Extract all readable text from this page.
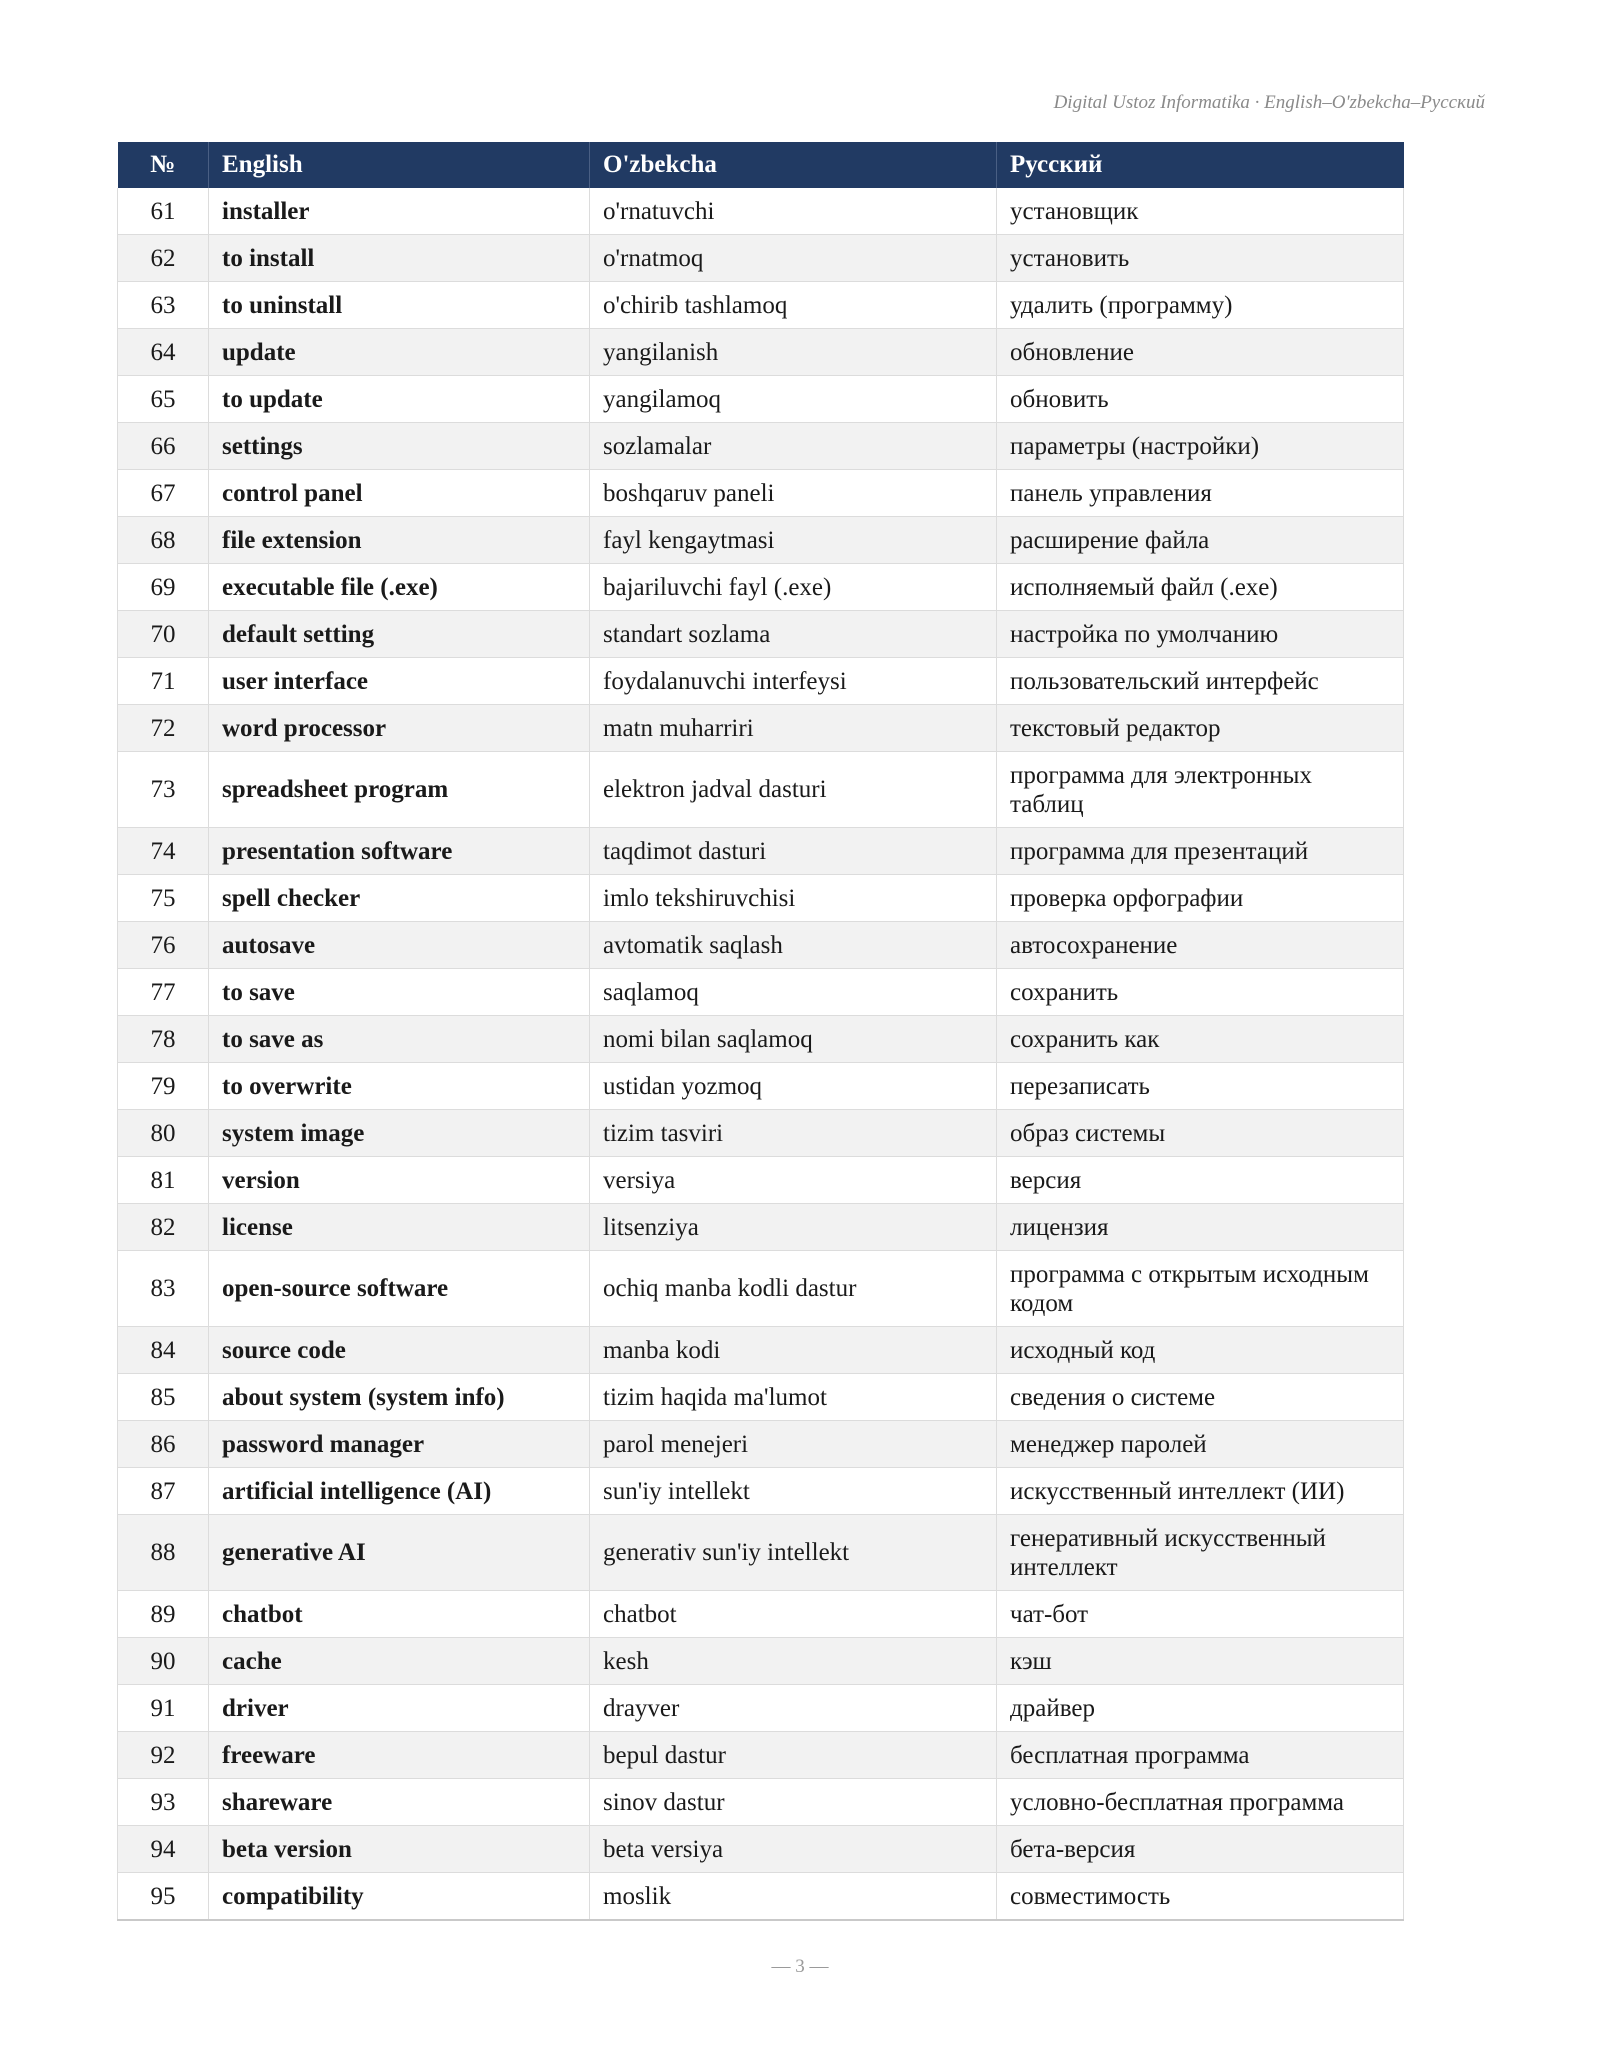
Digital Ustoz Informatika · English–O'zbekcha–Русский
№	English	O'zbekcha	Русский
61	installer	o'rnatuvchi	установщик
62	to install	o'rnatmoq	установить
63	to uninstall	o'chirib tashlamoq	удалить (программу)
64	update	yangilanish	обновление
65	to update	yangilamoq	обновить
66	settings	sozlamalar	параметры (настройки)
67	control panel	boshqaruv paneli	панель управления
68	file extension	fayl kengaytmasi	расширение файла
69	executable file (.exe)	bajariluvchi fayl (.exe)	исполняемый файл (.exe)
70	default setting	standart sozlama	настройка по умолчанию
71	user interface	foydalanuvchi interfeysi	пользовательский интерфейс
72	word processor	matn muharriri	текстовый редактор
73	spreadsheet program	elektron jadval dasturi	программа для электронных таблиц
74	presentation software	taqdimot dasturi	программа для презентаций
75	spell checker	imlo tekshiruvchisi	проверка орфографии
76	autosave	avtomatik saqlash	автосохранение
77	to save	saqlamoq	сохранить
78	to save as	nomi bilan saqlamoq	сохранить как
79	to overwrite	ustidan yozmoq	перезаписать
80	system image	tizim tasviri	образ системы
81	version	versiya	версия
82	license	litsenziya	лицензия
83	open-source software	ochiq manba kodli dastur	программа с открытым исходным кодом
84	source code	manba kodi	исходный код
85	about system (system info)	tizim haqida ma'lumot	сведения о системе
86	password manager	parol menejeri	менеджер паролей
87	artificial intelligence (AI)	sun'iy intellekt	искусственный интеллект (ИИ)
88	generative AI	generativ sun'iy intellekt	генеративный искусственный интеллект
89	chatbot	chatbot	чат-бот
90	cache	kesh	кэш
91	driver	drayver	драйвер
92	freeware	bepul dastur	бесплатная программа
93	shareware	sinov dastur	условно-бесплатная программа
94	beta version	beta versiya	бета-версия
95	compatibility	moslik	совместимость
— 3 —
